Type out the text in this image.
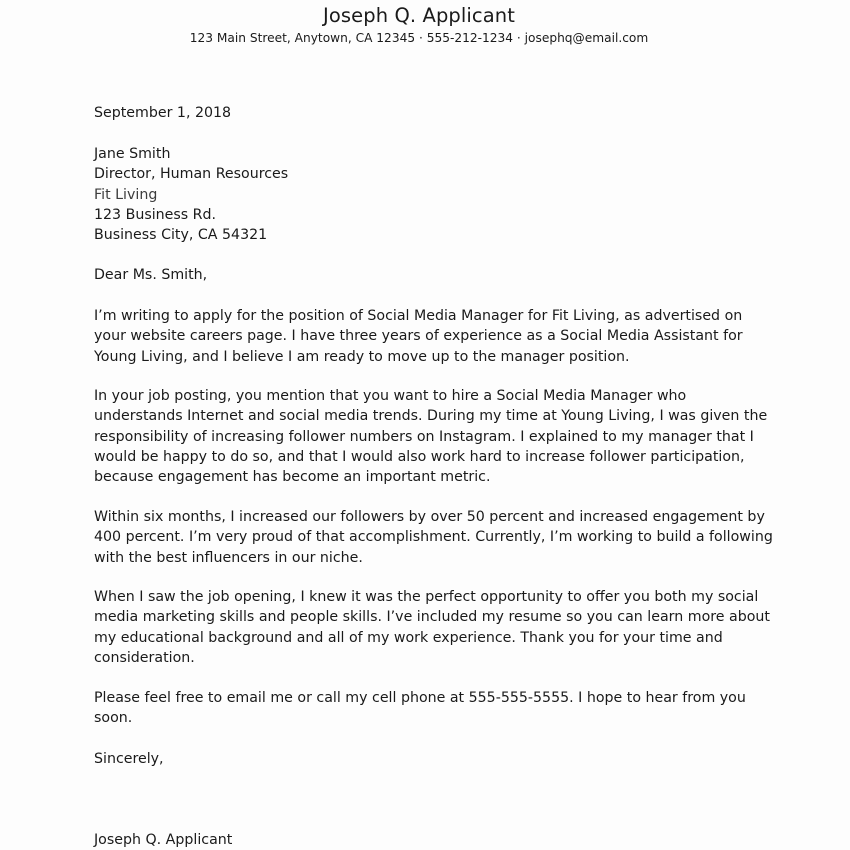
Joseph Q. Applicant
123 Main Street, Anytown, CA 12345 · 555-212-1234 · josephq@email.com
September 1, 2018
Jane Smith
Director, Human Resources
Fit Living
123 Business Rd.
Business City, CA 54321
Dear Ms. Smith,
I’m writing to apply for the position of Social Media Manager for Fit Living, as advertised on
your website careers page. I have three years of experience as a Social Media Assistant for
Young Living, and I believe I am ready to move up to the manager position.
In your job posting, you mention that you want to hire a Social Media Manager who
understands Internet and social media trends. During my time at Young Living, I was given the
responsibility of increasing follower numbers on Instagram. I explained to my manager that I
would be happy to do so, and that I would also work hard to increase follower participation,
because engagement has become an important metric.
Within six months, I increased our followers by over 50 percent and increased engagement by
400 percent. I’m very proud of that accomplishment. Currently, I’m working to build a following
with the best influencers in our niche.
When I saw the job opening, I knew it was the perfect opportunity to offer you both my social
media marketing skills and people skills. I’ve included my resume so you can learn more about
my educational background and all of my work experience. Thank you for your time and
consideration.
Please feel free to email me or call my cell phone at 555-555-5555. I hope to hear from you
soon.
Sincerely,
Joseph Q. Applicant
